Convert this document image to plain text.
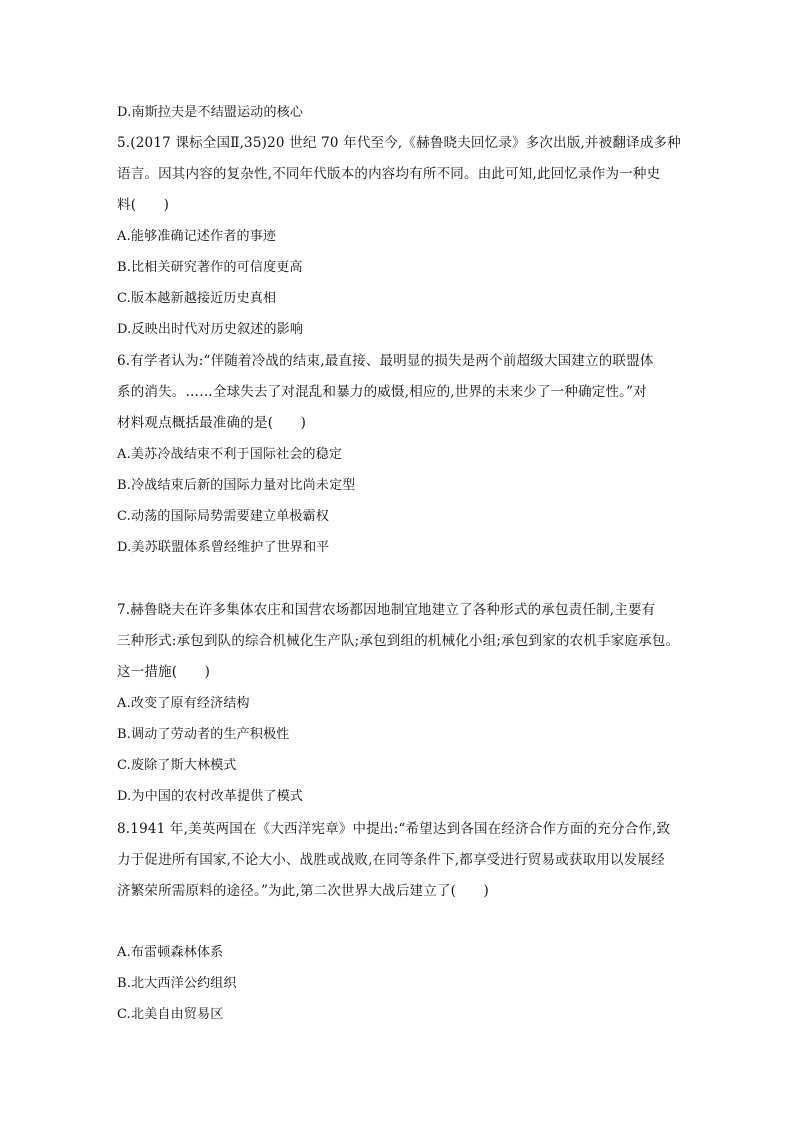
D.南斯拉夫是不结盟运动的核心
5.(2017 课标全国Ⅱ,35)20 世纪 70 年代至今,《赫鲁晓夫回忆录》多次出版,并被翻译成多种
语言。因其内容的复杂性,不同年代版本的内容均有所不同。由此可知,此回忆录作为一种史
料(　　)
A.能够准确记述作者的事迹
B.比相关研究著作的可信度更高
C.版本越新越接近历史真相
D.反映出时代对历史叙述的影响
6.有学者认为:“伴随着冷战的结束,最直接、最明显的损失是两个前超级大国建立的联盟体
系的消失。……全球失去了对混乱和暴力的威慑,相应的,世界的未来少了一种确定性。”对
材料观点概括最准确的是(　　)
A.美苏冷战结束不利于国际社会的稳定
B.冷战结束后新的国际力量对比尚未定型
C.动荡的国际局势需要建立单极霸权
D.美苏联盟体系曾经维护了世界和平
7.赫鲁晓夫在许多集体农庄和国营农场都因地制宜地建立了各种形式的承包责任制,主要有
三种形式:承包到队的综合机械化生产队;承包到组的机械化小组;承包到家的农机手家庭承包。
这一措施(　　)
A.改变了原有经济结构
B.调动了劳动者的生产积极性
C.废除了斯大林模式
D.为中国的农村改革提供了模式
8.1941 年,美英两国在《大西洋宪章》中提出:“希望达到各国在经济合作方面的充分合作,致
力于促进所有国家,不论大小、战胜或战败,在同等条件下,都享受进行贸易或获取用以发展经
济繁荣所需原料的途径。”为此,第二次世界大战后建立了(　　)
A.布雷顿森林体系
B.北大西洋公约组织
C.北美自由贸易区
